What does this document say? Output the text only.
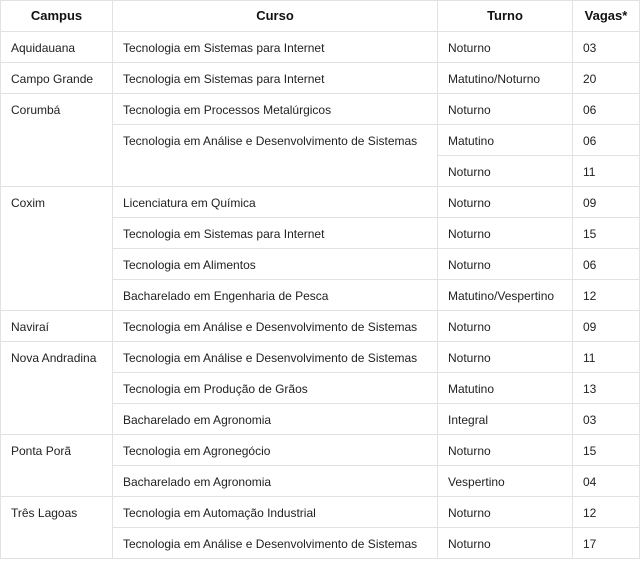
Campus	Curso	Turno	Vagas*
Aquidauana	Tecnologia em Sistemas para Internet	Noturno	03
Campo Grande	Tecnologia em Sistemas para Internet	Matutino/Noturno	20
Corumbá	Tecnologia em Processos Metalúrgicos	Noturno	06
	Tecnologia em Análise e Desenvolvimento de Sistemas	Matutino	06
		Noturno	11
Coxim	Licenciatura em Química	Noturno	09
	Tecnologia em Sistemas para Internet	Noturno	15
	Tecnologia em Alimentos	Noturno	06
	Bacharelado em Engenharia de Pesca	Matutino/Vespertino	12
Naviraí	Tecnologia em Análise e Desenvolvimento de Sistemas	Noturno	09
Nova Andradina	Tecnologia em Análise e Desenvolvimento de Sistemas	Noturno	11
	Tecnologia em Produção de Grãos	Matutino	13
	Bacharelado em Agronomia	Integral	03
Ponta Porã	Tecnologia em Agronegócio	Noturno	15
	Bacharelado em Agronomia	Vespertino	04
Três Lagoas	Tecnologia em Automação Industrial	Noturno	12
	Tecnologia em Análise e Desenvolvimento de Sistemas	Noturno	17
